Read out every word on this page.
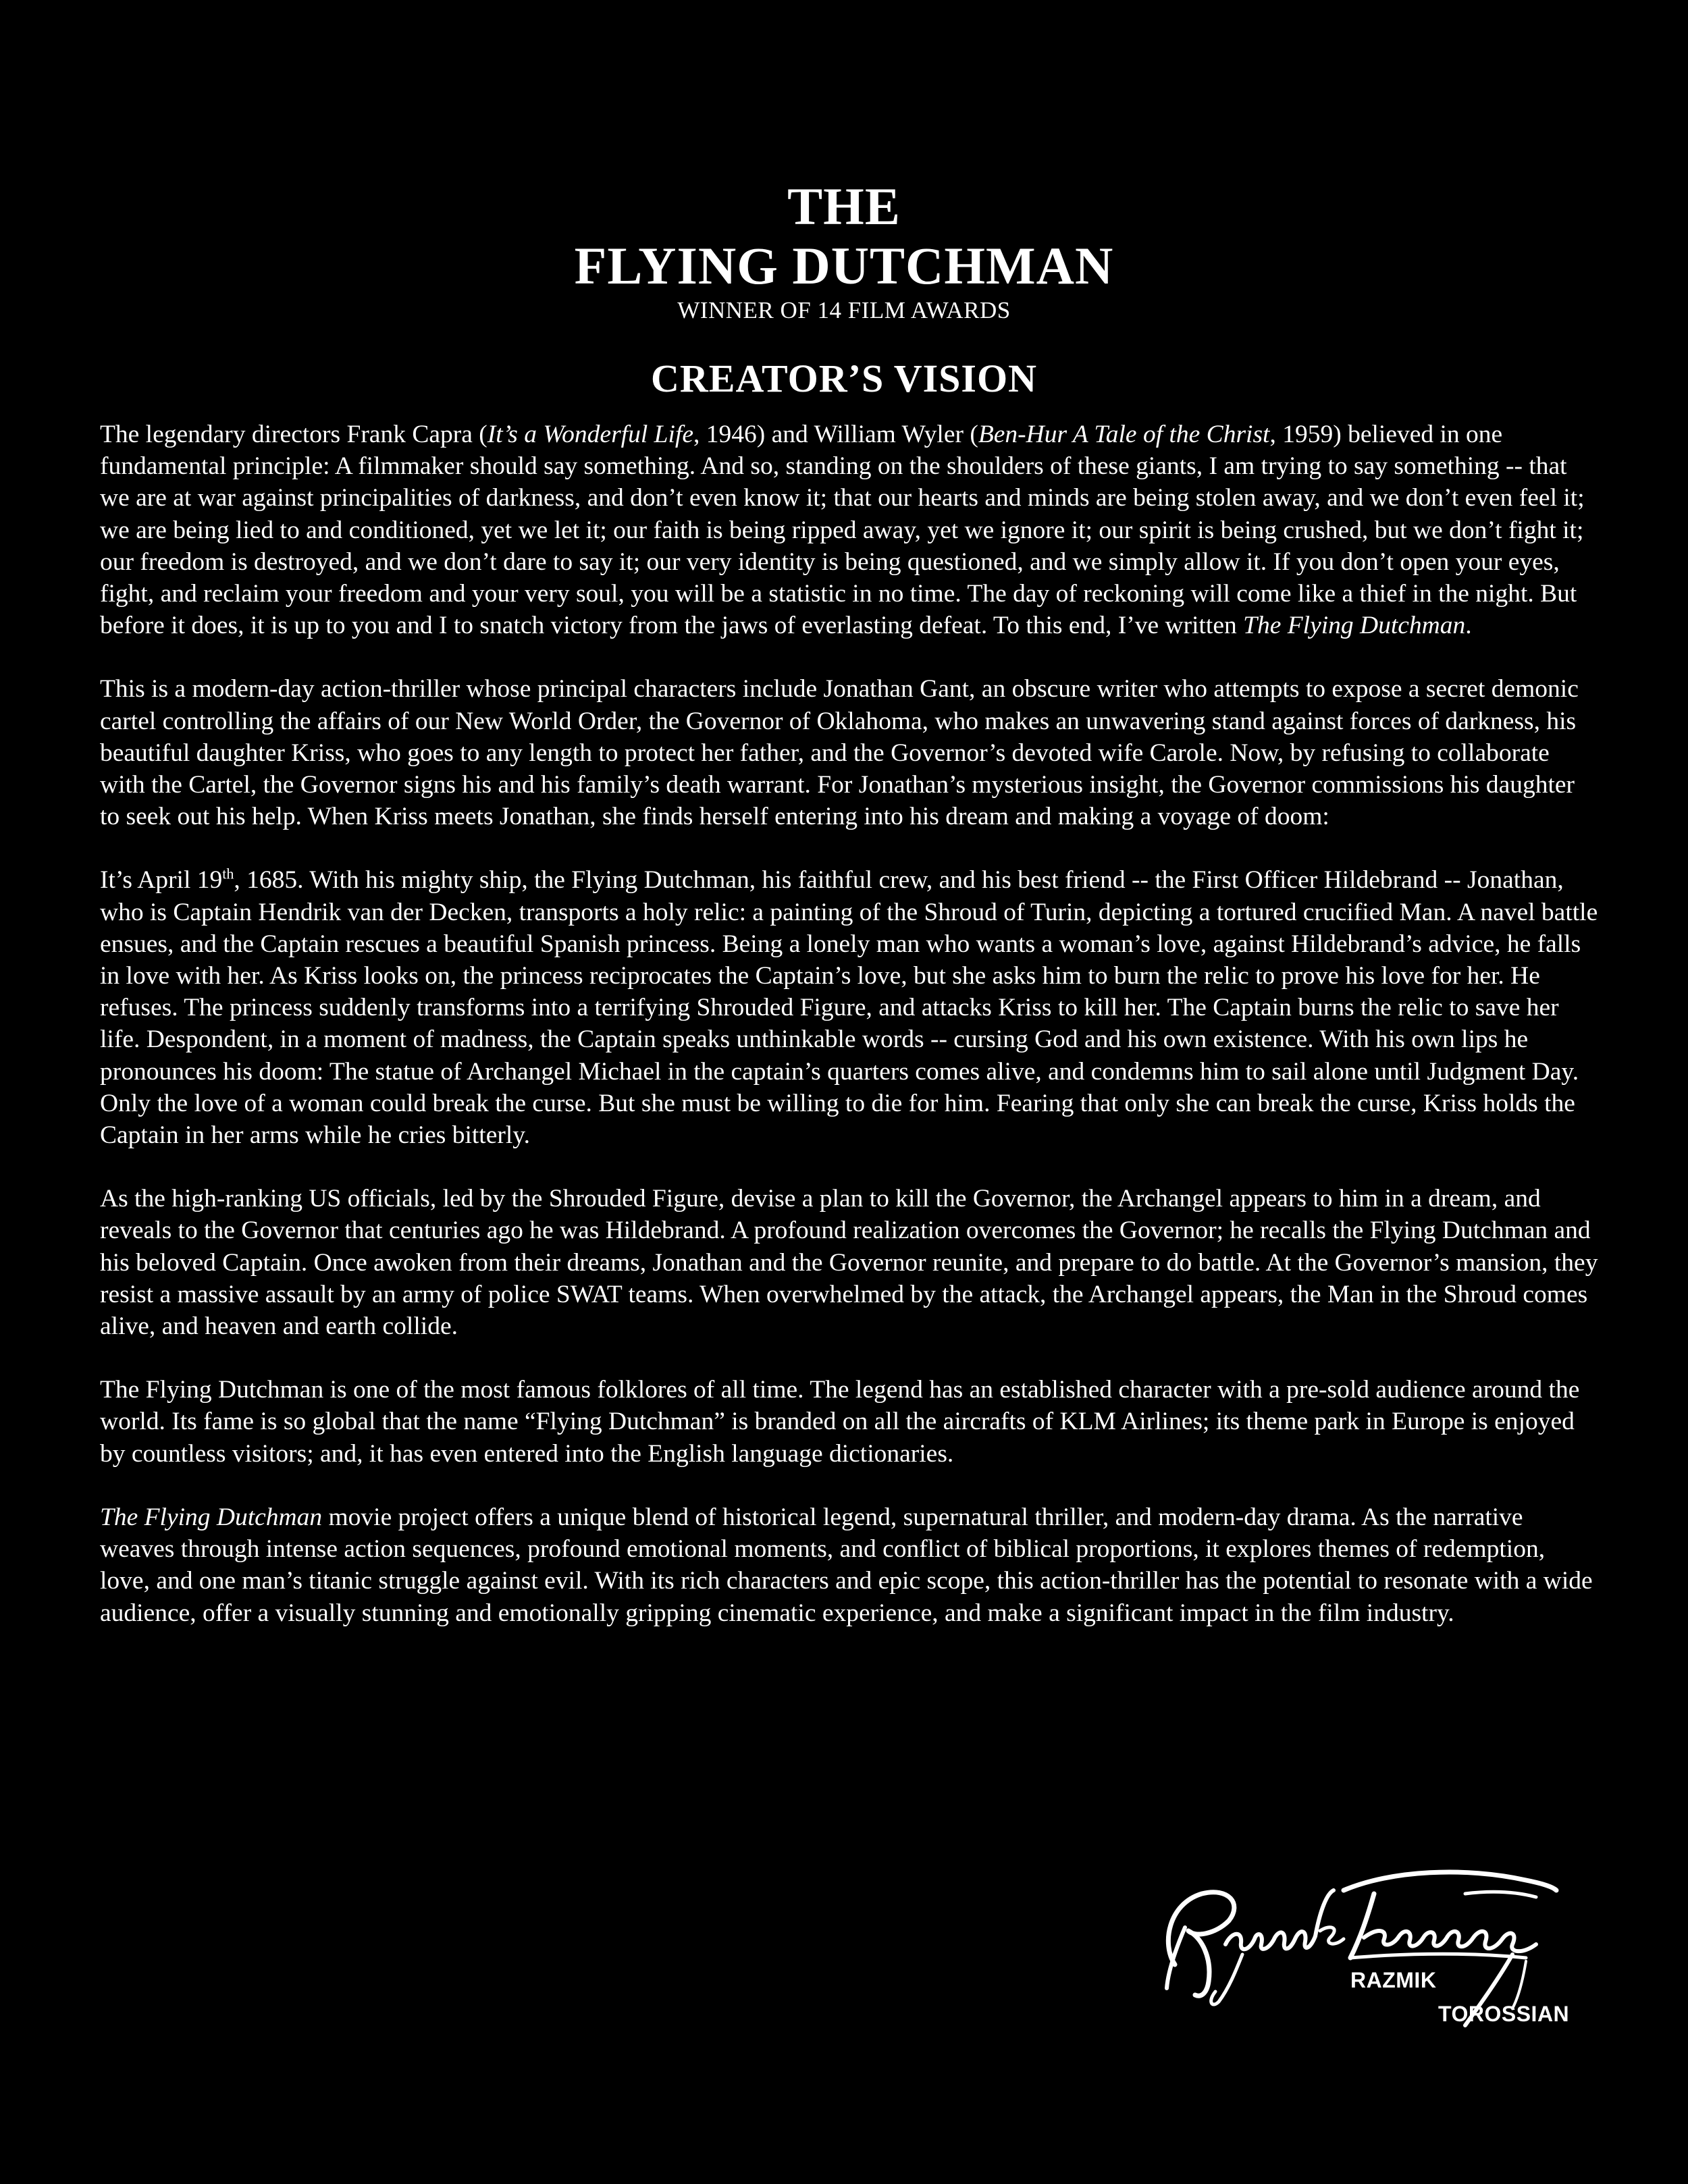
THE
FLYING DUTCHMAN
WINNER OF 14 FILM AWARDS
CREATOR’S VISION

The legendary directors Frank Capra (It’s a Wonderful Life, 1946) and William Wyler (Ben-Hur A Tale of the Christ, 1959) believed in one fundamental principle: A filmmaker should say something. And so, standing on the shoulders of these giants, I am trying to say something -- that we are at war against principalities of darkness, and don’t even know it; that our hearts and minds are being stolen away, and we don’t even feel it; we are being lied to and conditioned, yet we let it; our faith is being ripped away, yet we ignore it; our spirit is being crushed, but we don’t fight it; our freedom is destroyed, and we don’t dare to say it; our very identity is being questioned, and we simply allow it. If you don’t open your eyes, fight, and reclaim your freedom and your very soul, you will be a statistic in no time. The day of reckoning will come like a thief in the night. But before it does, it is up to you and I to snatch victory from the jaws of everlasting defeat. To this end, I’ve written The Flying Dutchman.

This is a modern-day action-thriller whose principal characters include Jonathan Gant, an obscure writer who attempts to expose a secret demonic cartel controlling the affairs of our New World Order, the Governor of Oklahoma, who makes an unwavering stand against forces of darkness, his beautiful daughter Kriss, who goes to any length to protect her father, and the Governor’s devoted wife Carole. Now, by refusing to collaborate with the Cartel, the Governor signs his and his family’s death warrant. For Jonathan’s mysterious insight, the Governor commissions his daughter to seek out his help. When Kriss meets Jonathan, she finds herself entering into his dream and making a voyage of doom:

It’s April 19th, 1685. With his mighty ship, the Flying Dutchman, his faithful crew, and his best friend -- the First Officer Hildebrand -- Jonathan, who is Captain Hendrik van der Decken, transports a holy relic: a painting of the Shroud of Turin, depicting a tortured crucified Man. A navel battle ensues, and the Captain rescues a beautiful Spanish princess. Being a lonely man who wants a woman’s love, against Hildebrand’s advice, he falls in love with her. As Kriss looks on, the princess reciprocates the Captain’s love, but she asks him to burn the relic to prove his love for her. He refuses. The princess suddenly transforms into a terrifying Shrouded Figure, and attacks Kriss to kill her. The Captain burns the relic to save her life. Despondent, in a moment of madness, the Captain speaks unthinkable words -- cursing God and his own existence. With his own lips he pronounces his doom: The statue of Archangel Michael in the captain’s quarters comes alive, and condemns him to sail alone until Judgment Day. Only the love of a woman could break the curse. But she must be willing to die for him. Fearing that only she can break the curse, Kriss holds the Captain in her arms while he cries bitterly.

As the high-ranking US officials, led by the Shrouded Figure, devise a plan to kill the Governor, the Archangel appears to him in a dream, and reveals to the Governor that centuries ago he was Hildebrand. A profound realization overcomes the Governor; he recalls the Flying Dutchman and his beloved Captain. Once awoken from their dreams, Jonathan and the Governor reunite, and prepare to do battle. At the Governor’s mansion, they resist a massive assault by an army of police SWAT teams. When overwhelmed by the attack, the Archangel appears, the Man in the Shroud comes alive, and heaven and earth collide.

The Flying Dutchman is one of the most famous folklores of all time. The legend has an established character with a pre-sold audience around the world. Its fame is so global that the name “Flying Dutchman” is branded on all the aircrafts of KLM Airlines; its theme park in Europe is enjoyed by countless visitors; and, it has even entered into the English language dictionaries.

The Flying Dutchman movie project offers a unique blend of historical legend, supernatural thriller, and modern-day drama. As the narrative weaves through intense action sequences, profound emotional moments, and conflict of biblical proportions, it explores themes of redemption, love, and one man’s titanic struggle against evil. With its rich characters and epic scope, this action-thriller has the potential to resonate with a wide audience, offer a visually stunning and emotionally gripping cinematic experience, and make a significant impact in the film industry.

RAZMIK
TOROSSIAN
